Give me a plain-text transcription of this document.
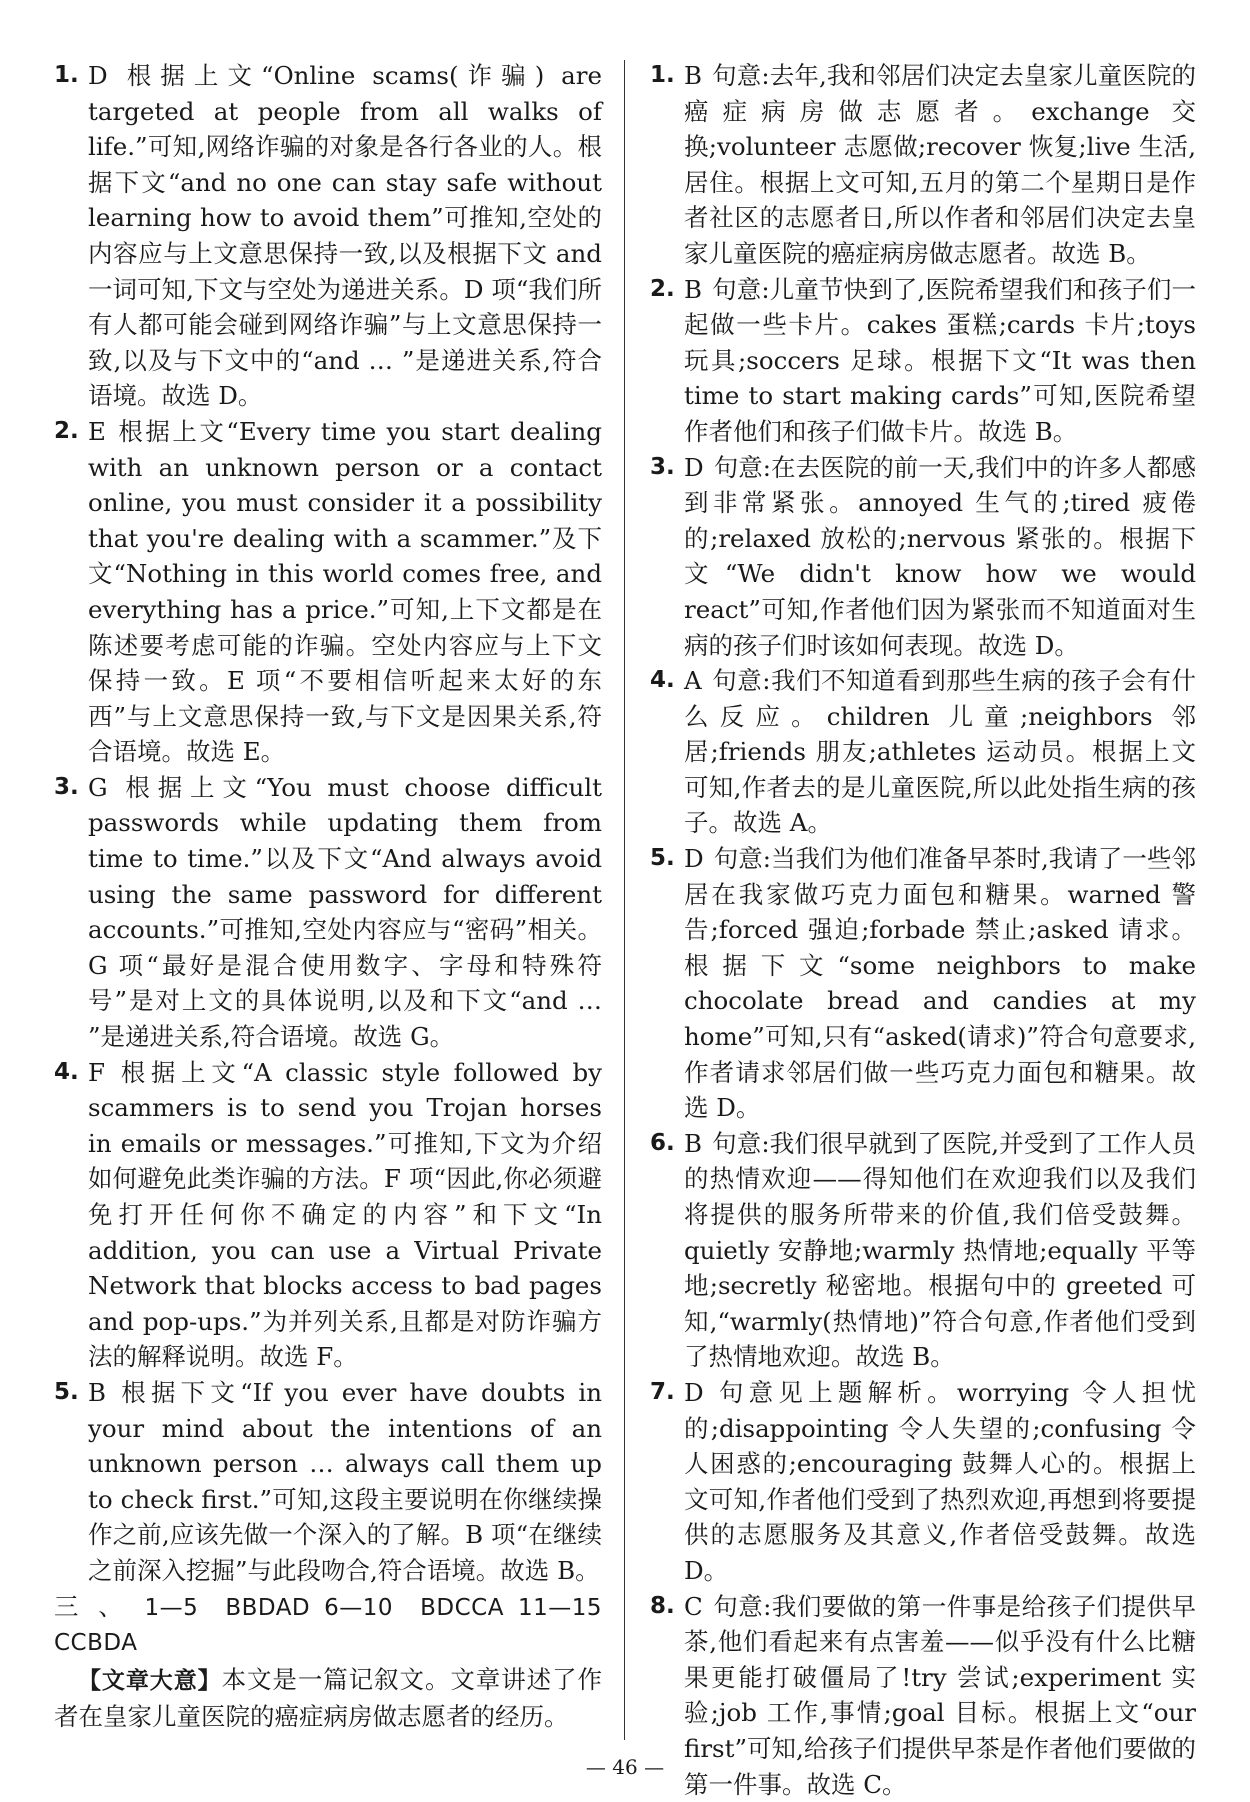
1. D 根据上文“Online scams(诈骗) are targeted at people from all walks of life.”可知,网络诈骗的对象是各行各业的人。根据下文“and no one can stay safe without learning how to avoid them”可推知,空处的内容应与上文意思保持一致,以及根据下文 and 一词可知,下文与空处为递进关系。D 项“我们所有人都可能会碰到网络诈骗”与上文意思保持一致,以及与下文中的“and … ”是递进关系,符合语境。故选 D。
2. E 根据上文“Every time you start dealing with an unknown person or a contact online, you must consider it a possibility that you're dealing with a scammer.”及下文“Nothing in this world comes free, and everything has a price.”可知,上下文都是在陈述要考虑可能的诈骗。空处内容应与上下文保持一致。E 项“不要相信听起来太好的东西”与上文意思保持一致,与下文是因果关系,符合语境。故选 E。
3. G 根据上文“You must choose difficult passwords while updating them from time to time.”以及下文“And always avoid using the same password for different accounts.”可推知,空处内容应与“密码”相关。G 项“最好是混合使用数字、字母和特殊符号”是对上文的具体说明,以及和下文“and … ”是递进关系,符合语境。故选 G。
4. F 根据上文“A classic style followed by scammers is to send you Trojan horses in emails or messages.”可推知,下文为介绍如何避免此类诈骗的方法。F 项“因此,你必须避免打开任何你不确定的内容”和下文“In addition, you can use a Virtual Private Network that blocks access to bad pages and pop-ups.”为并列关系,且都是对防诈骗方法的解释说明。故选 F。
5. B 根据下文“If you ever have doubts in your mind about the intentions of an unknown person … always call them up to check first.”可知,这段主要说明在你继续操作之前,应该先做一个深入的了解。B 项“在继续之前深入挖掘”与此段吻合,符合语境。故选 B。
三、1—5 BBDAD 6—10 BDCCA 11—15 CCBDA
【文章大意】本文是一篇记叙文。文章讲述了作者在皇家儿童医院的癌症病房做志愿者的经历。
1. B 句意:去年,我和邻居们决定去皇家儿童医院的癌症病房做志愿者。exchange 交换;volunteer 志愿做;recover 恢复;live 生活,居住。根据上文可知,五月的第二个星期日是作者社区的志愿者日,所以作者和邻居们决定去皇家儿童医院的癌症病房做志愿者。故选 B。
2. B 句意:儿童节快到了,医院希望我们和孩子们一起做一些卡片。cakes 蛋糕;cards 卡片;toys 玩具;soccers 足球。根据下文“It was then time to start making cards”可知,医院希望作者他们和孩子们做卡片。故选 B。
3. D 句意:在去医院的前一天,我们中的许多人都感到非常紧张。annoyed 生气的;tired 疲倦的;relaxed 放松的;nervous 紧张的。根据下文“We didn't know how we would react”可知,作者他们因为紧张而不知道面对生病的孩子们时该如何表现。故选 D。
4. A 句意:我们不知道看到那些生病的孩子会有什么反应。children 儿童;neighbors 邻居;friends 朋友;athletes 运动员。根据上文可知,作者去的是儿童医院,所以此处指生病的孩子。故选 A。
5. D 句意:当我们为他们准备早茶时,我请了一些邻居在我家做巧克力面包和糖果。warned 警告;forced 强迫;forbade 禁止;asked 请求。根据下文“some neighbors to make chocolate bread and candies at my home”可知,只有“asked(请求)”符合句意要求,作者请求邻居们做一些巧克力面包和糖果。故选 D。
6. B 句意:我们很早就到了医院,并受到了工作人员的热情欢迎——得知他们在欢迎我们以及我们将提供的服务所带来的价值,我们倍受鼓舞。quietly 安静地;warmly 热情地;equally 平等地;secretly 秘密地。根据句中的 greeted 可知,“warmly(热情地)”符合句意,作者他们受到了热情地欢迎。故选 B。
7. D 句意见上题解析。worrying 令人担忧的;disappointing 令人失望的;confusing 令人困惑的;encouraging 鼓舞人心的。根据上文可知,作者他们受到了热烈欢迎,再想到将要提供的志愿服务及其意义,作者倍受鼓舞。故选 D。
8. C 句意:我们要做的第一件事是给孩子们提供早茶,他们看起来有点害羞——似乎没有什么比糖果更能打破僵局了!try 尝试;experiment 实验;job 工作,事情;goal 目标。根据上文“our first”可知,给孩子们提供早茶是作者他们要做的第一件事。故选 C。
— 46 —
